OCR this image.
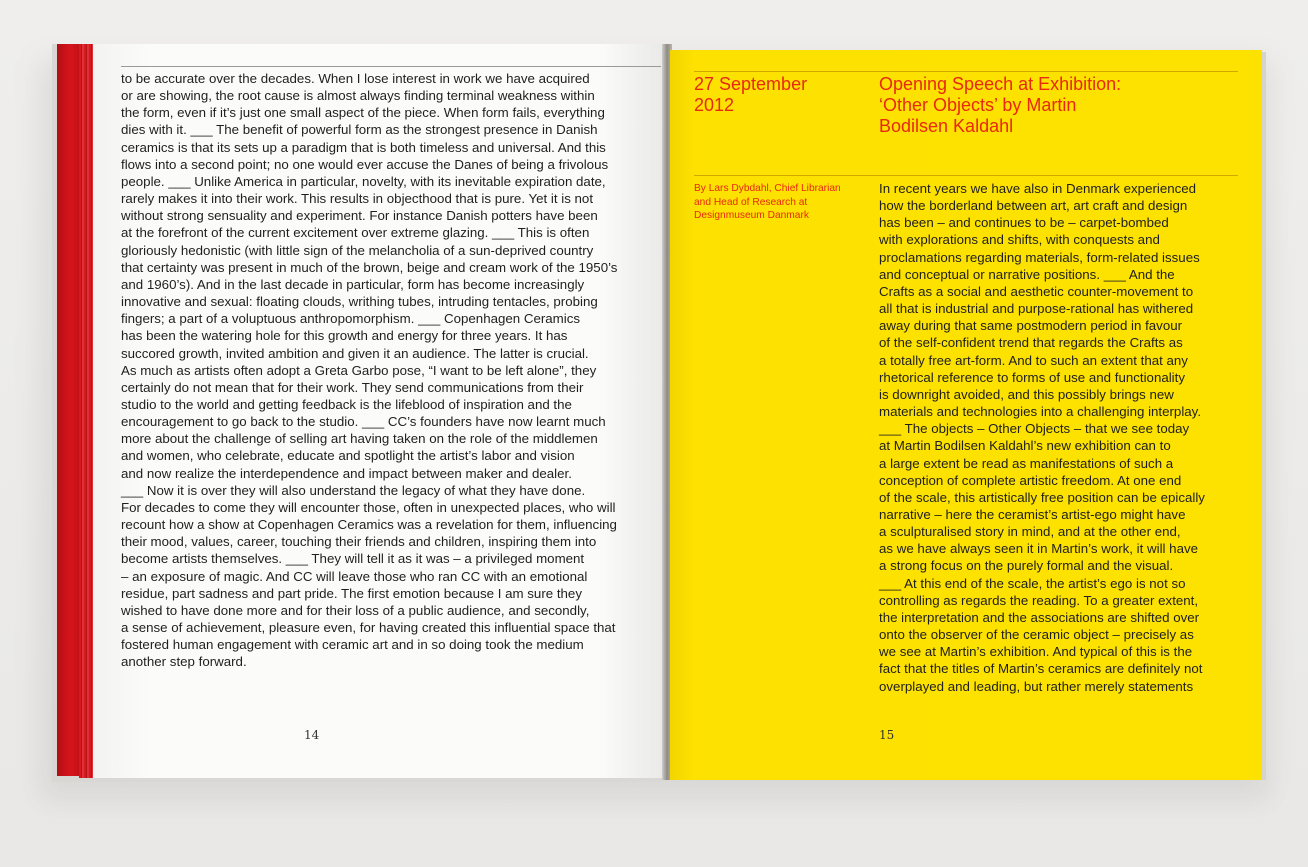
to be accurate over the decades. When I lose interest in work we have acquired
or are showing, the root cause is almost always finding terminal weakness within
the form, even if it’s just one small aspect of the piece. When form fails, everything
dies with it. ___ The benefit of powerful form as the strongest presence in Danish
ceramics is that its sets up a paradigm that is both timeless and universal. And this
flows into a second point; no one would ever accuse the Danes of being a frivolous
people. ___ Unlike America in particular, novelty, with its inevitable expiration date,
rarely makes it into their work. This results in objecthood that is pure. Yet it is not
without strong sensuality and experiment. For instance Danish potters have been
at the forefront of the current excitement over extreme glazing. ___ This is often
gloriously hedonistic (with little sign of the melancholia of a sun-deprived country
that certainty was present in much of the brown, beige and cream work of the 1950’s
and 1960’s). And in the last decade in particular, form has become increasingly
innovative and sexual: floating clouds, writhing tubes, intruding tentacles, probing
fingers; a part of a voluptuous anthropomorphism. ___ Copenhagen Ceramics
has been the watering hole for this growth and energy for three years. It has
succored growth, invited ambition and given it an audience. The latter is crucial.
As much as artists often adopt a Greta Garbo pose, “I want to be left alone”, they
certainly do not mean that for their work. They send communications from their
studio to the world and getting feedback is the lifeblood of inspiration and the
encouragement to go back to the studio. ___ CC’s founders have now learnt much
more about the challenge of selling art having taken on the role of the middlemen
and women, who celebrate, educate and spotlight the artist’s labor and vision
and now realize the interdependence and impact between maker and dealer.
___ Now it is over they will also understand the legacy of what they have done.
For decades to come they will encounter those, often in unexpected places, who will
recount how a show at Copenhagen Ceramics was a revelation for them, influencing
their mood, values, career, touching their friends and children, inspiring them into
become artists themselves. ___ They will tell it as it was – a privileged moment
– an exposure of magic. And CC will leave those who ran CC with an emotional
residue, part sadness and part pride. The first emotion because I am sure they
wished to have done more and for their loss of a public audience, and secondly,
a sense of achievement, pleasure even, for having created this influential space that
fostered human engagement with ceramic art and in so doing took the medium
another step forward.
14
27 September
2012
Opening Speech at Exhibition:
‘Other Objects’ by Martin
Bodilsen Kaldahl
By Lars Dybdahl, Chief Librarian
and Head of Research at
Designmuseum Danmark
In recent years we have also in Denmark experienced
how the borderland between art, art craft and design
has been – and continues to be – carpet-bombed
with explorations and shifts, with conquests and
proclamations regarding materials, form-related issues
and conceptual or narrative positions. ___ And the
Crafts as a social and aesthetic counter-movement to
all that is industrial and purpose-rational has withered
away during that same postmodern period in favour
of the self-confident trend that regards the Crafts as
a totally free art-form. And to such an extent that any
rhetorical reference to forms of use and functionality
is downright avoided, and this possibly brings new
materials and technologies into a challenging interplay.
___ The objects – Other Objects – that we see today
at Martin Bodilsen Kaldahl’s new exhibition can to
a large extent be read as manifestations of such a
conception of complete artistic freedom. At one end
of the scale, this artistically free position can be epically
narrative – here the ceramist’s artist-ego might have
a sculpturalised story in mind, and at the other end,
as we have always seen it in Martin’s work, it will have
a strong focus on the purely formal and the visual.
___ At this end of the scale, the artist’s ego is not so
controlling as regards the reading. To a greater extent,
the interpretation and the associations are shifted over
onto the observer of the ceramic object – precisely as
we see at Martin’s exhibition. And typical of this is the
fact that the titles of Martin’s ceramics are definitely not
overplayed and leading, but rather merely statements
15
